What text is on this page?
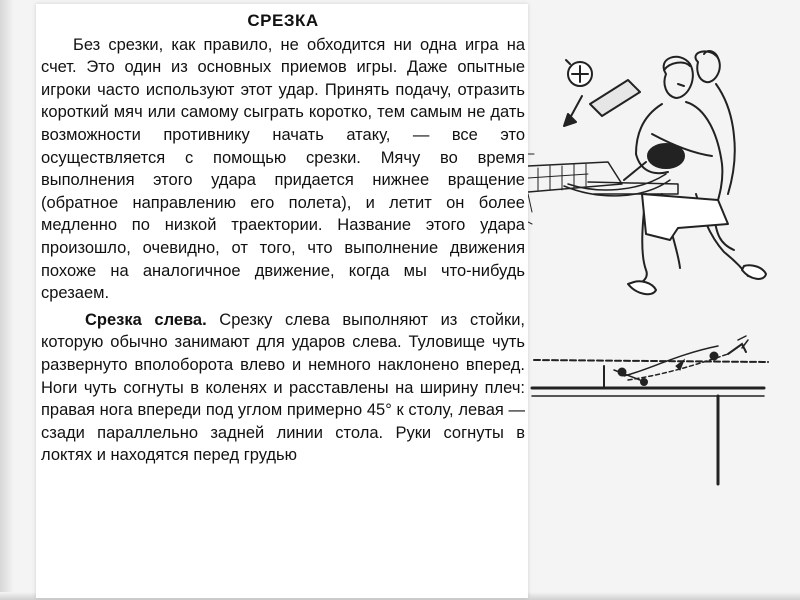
СРЕЗКА

Без срезки, как правило, не обходится ни одна игра на счет. Это один из основных приемов игры. Даже опытные игроки часто используют этот удар. Принять подачу, отразить короткий мяч или самому сыграть коротко, тем самым не дать возможности противнику начать атаку, — все это осуществляется с помощью срезки. Мячу во время выполнения этого удара придается нижнее вращение (обратное направлению его полета), и летит он более медленно по низкой траектории. Название этого удара произошло, очевидно, от того, что выполнение движения похоже на аналогичное движение, когда мы что-нибудь срезаем.

Срезка слева. Срезку слева выполняют из стойки, которую обычно занимают для ударов слева. Туловище чуть развернуто вполоборота влево и немного наклонено вперед. Ноги чуть согнуты в коленях и расставлены на ширину плеч: правая нога впереди под углом примерно 45° к столу, левая — сзади параллельно задней линии стола. Руки согнуты в локтях и находятся перед грудью
